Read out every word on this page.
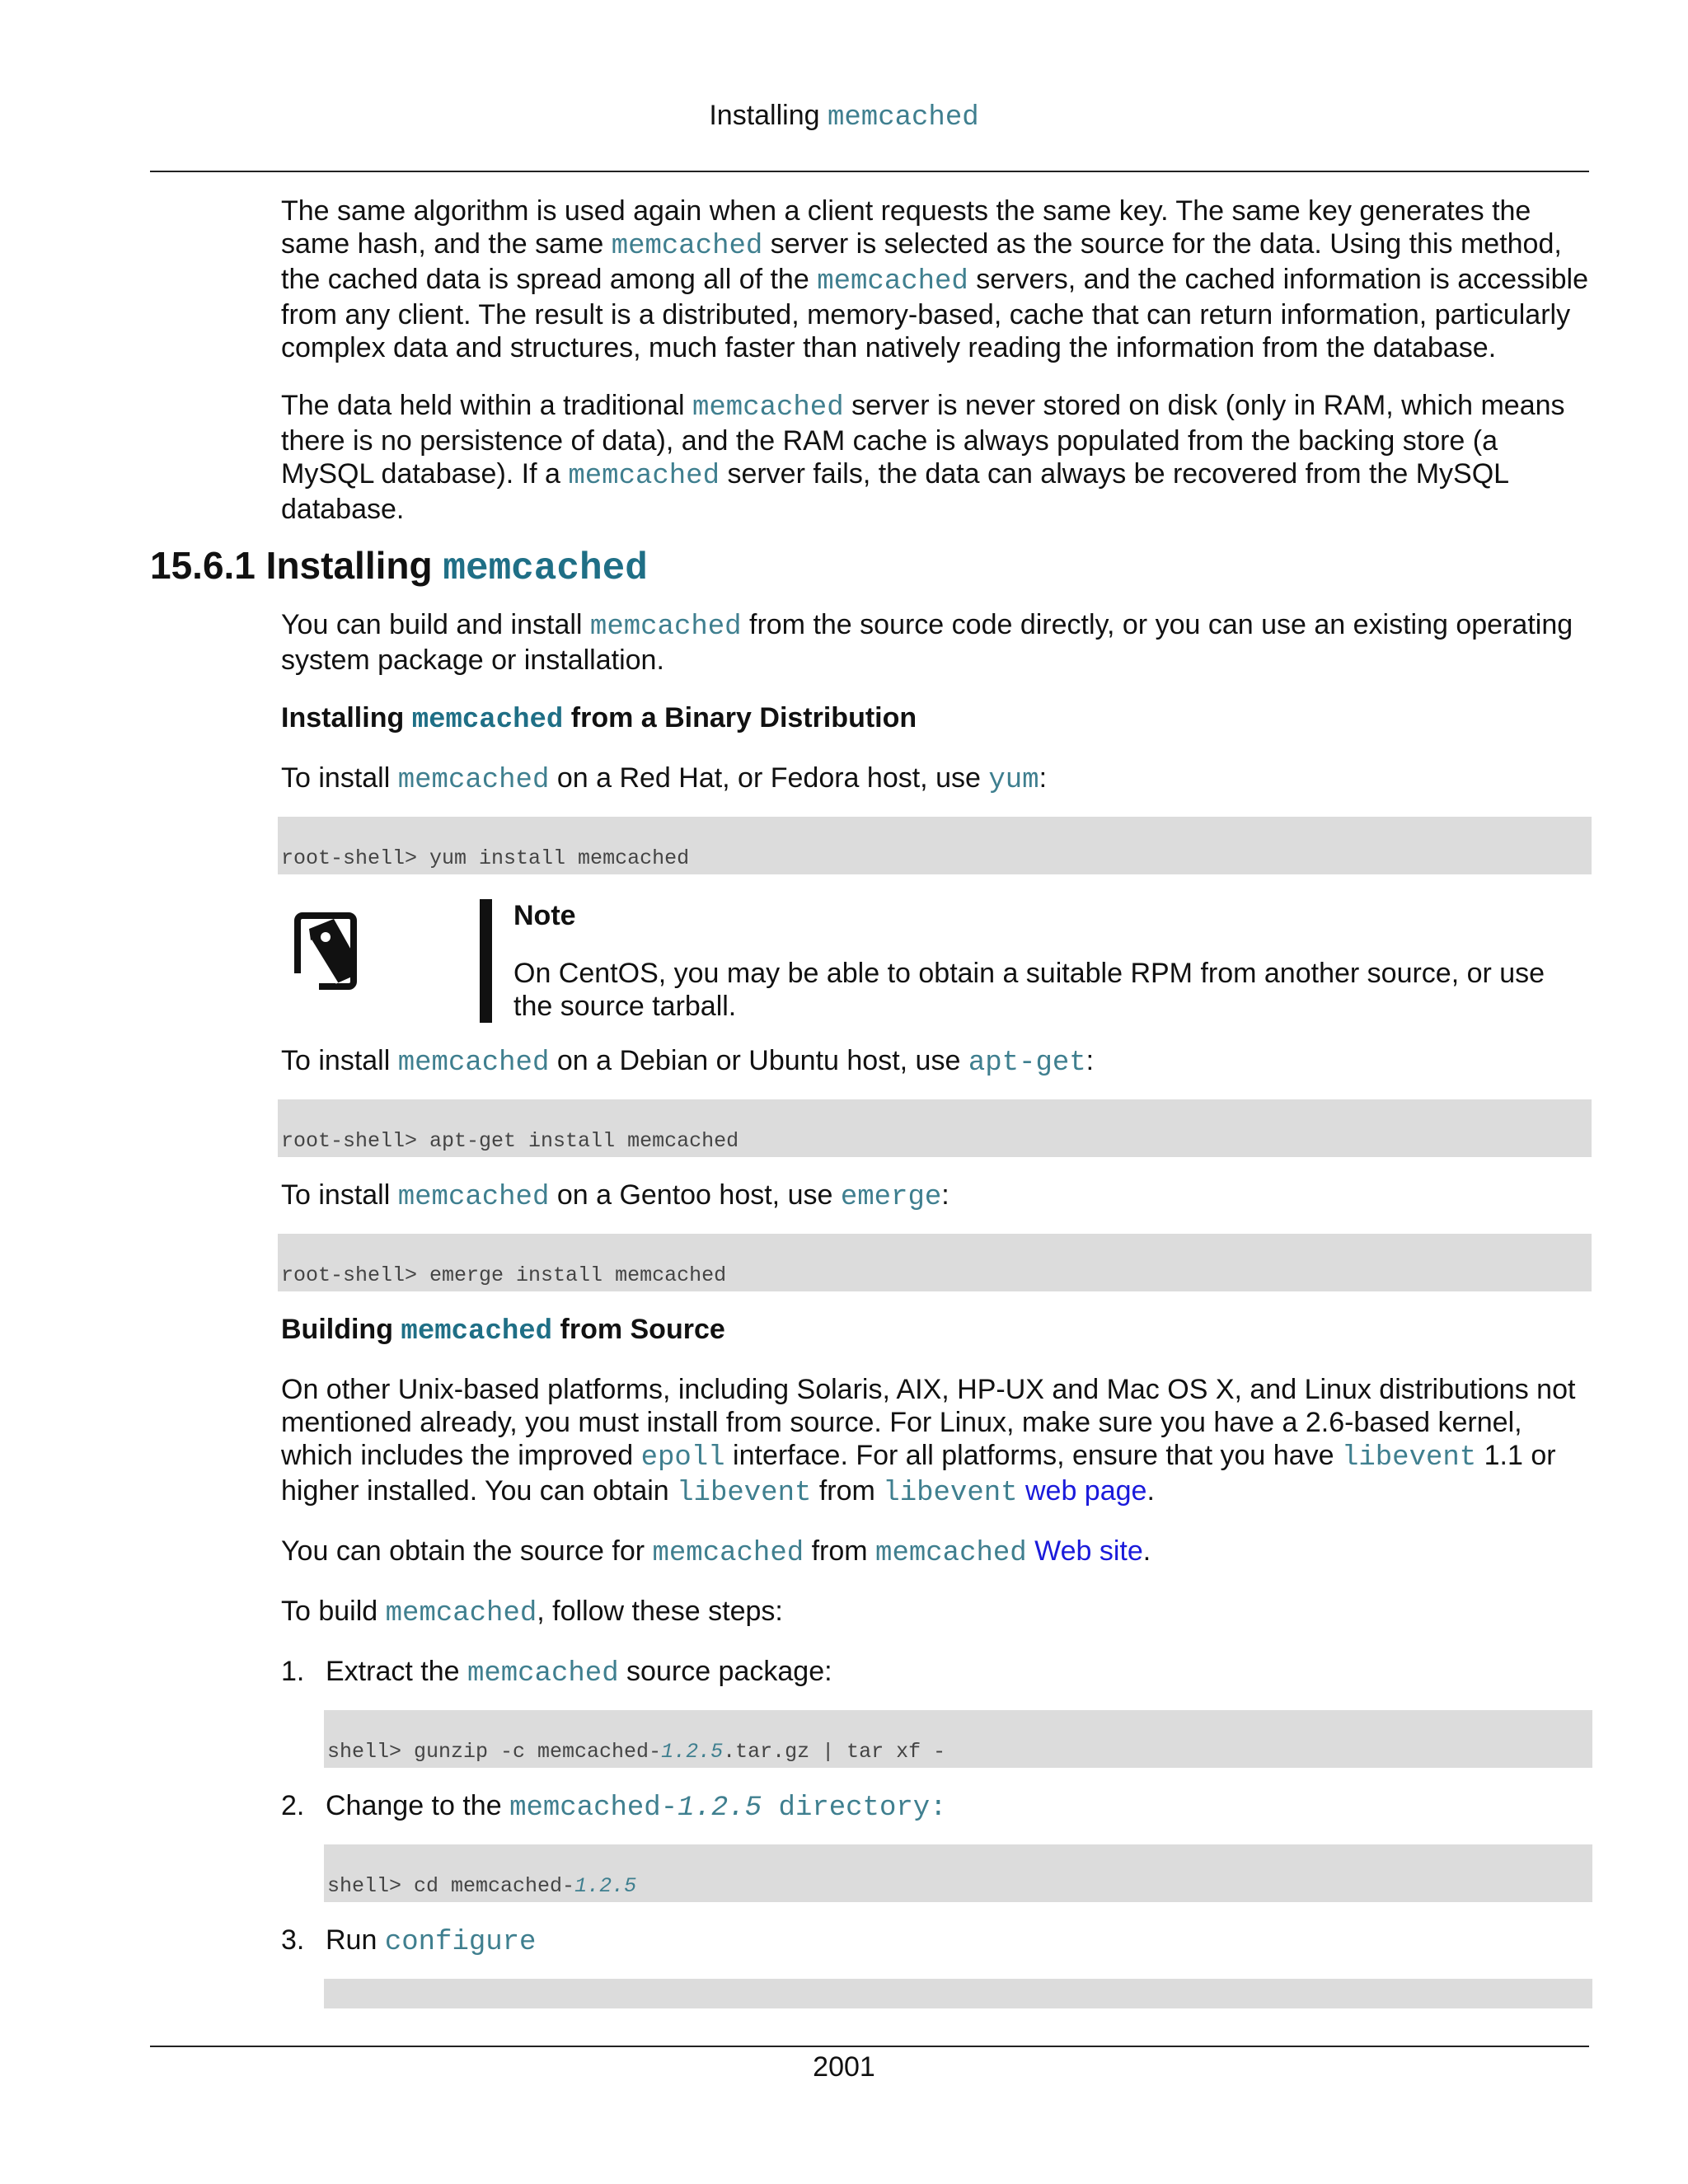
Installing memcached

The same algorithm is used again when a client requests the same key. The same key generates the same hash, and the same memcached server is selected as the source for the data. Using this method, the cached data is spread among all of the memcached servers, and the cached information is accessible from any client. The result is a distributed, memory-based, cache that can return information, particularly complex data and structures, much faster than natively reading the information from the database.

The data held within a traditional memcached server is never stored on disk (only in RAM, which means there is no persistence of data), and the RAM cache is always populated from the backing store (a MySQL database). If a memcached server fails, the data can always be recovered from the MySQL database.

15.6.1 Installing memcached

You can build and install memcached from the source code directly, or you can use an existing operating system package or installation.

Installing memcached from a Binary Distribution

To install memcached on a Red Hat, or Fedora host, use yum:

root-shell> yum install memcached
Note

On CentOS, you may be able to obtain a suitable RPM from another source, or use the source tarball.

To install memcached on a Debian or Ubuntu host, use apt-get:

root-shell> apt-get install memcached

To install memcached on a Gentoo host, use emerge:

root-shell> emerge install memcached
Building memcached from Source

On other Unix-based platforms, including Solaris, AIX, HP-UX and Mac OS X, and Linux distributions not mentioned already, you must install from source. For Linux, make sure you have a 2.6-based kernel, which includes the improved epoll interface. For all platforms, ensure that you have libevent 1.1 or higher installed. You can obtain libevent from libevent web page.

You can obtain the source for memcached from memcached Web site.

To build memcached, follow these steps:

1. Extract the memcached source package:

shell> gunzip -c memcached-1.2.5.tar.gz | tar xf -
2. Change to the memcached-1.2.5 directory:

shell> cd memcached-1.2.5
3. Run configure

2001
